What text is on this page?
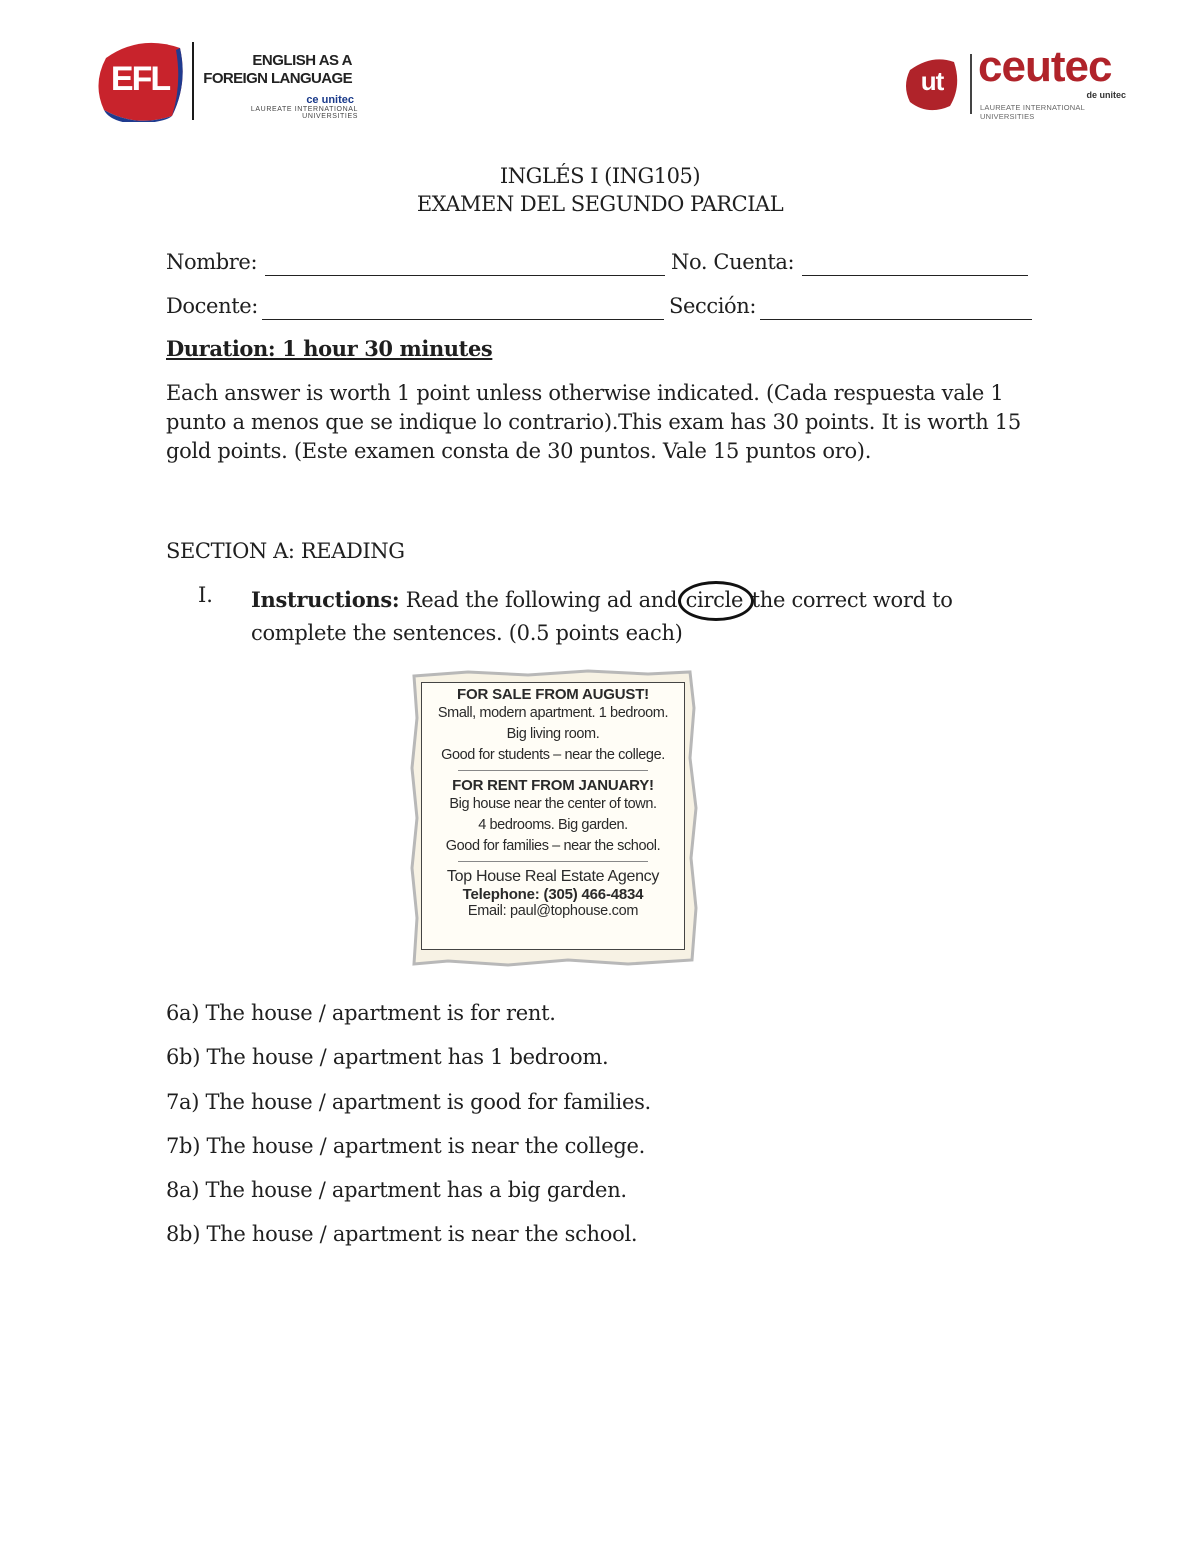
EFL	ENGLISH AS A
FOREIGN LANGUAGE
ce unitec
LAUREATE INTERNATIONAL UNIVERSITIES
ut ceutec
de unitec
LAUREATE INTERNATIONAL UNIVERSITIES
INGLÉS I (ING105)
EXAMEN DEL SEGUNDO PARCIAL
Nombre:	No. Cuenta:
Docente:	Sección:
Duration: 1 hour 30 minutes
Each answer is worth 1 point unless otherwise indicated. (Cada respuesta vale 1 punto a menos que se indique lo contrario).This exam has 30 points. It is worth 15 gold points. (Este examen consta de 30 puntos. Vale 15 puntos oro).
SECTION A: READING
I. Instructions: Read the following ad and circle the correct word to complete the sentences. (0.5 points each)
FOR SALE FROM AUGUST!
Small, modern apartment. 1 bedroom.
Big living room.
Good for students – near the college.
FOR RENT FROM JANUARY!
Big house near the center of town.
4 bedrooms. Big garden.
Good for families – near the school.
Top House Real Estate Agency
Telephone: (305) 466-4834
Email: paul@tophouse.com
6a) The house / apartment is for rent.
6b) The house / apartment has 1 bedroom.
7a) The house / apartment is good for families.
7b) The house / apartment is near the college.
8a) The house / apartment has a big garden.
8b) The house / apartment is near the school.
